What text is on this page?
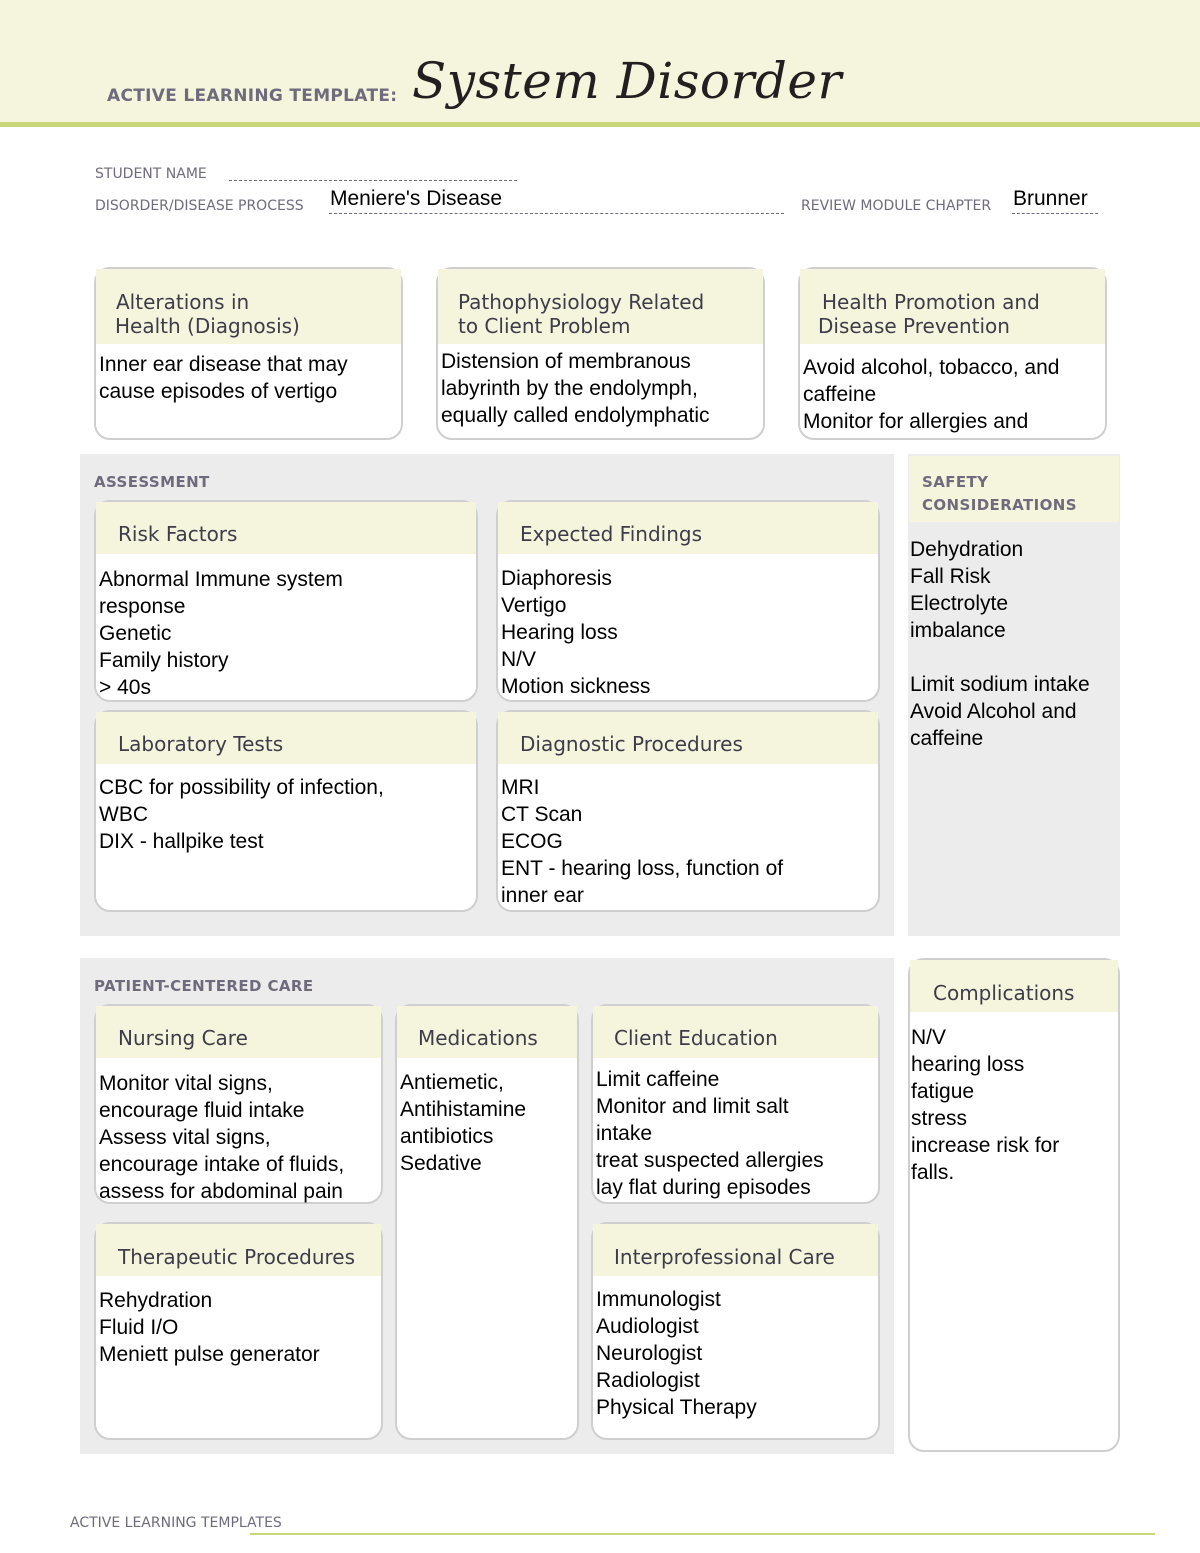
ACTIVE LEARNING TEMPLATE: System Disorder
STUDENT NAME
DISORDER/DISEASE PROCESS Meniere's Disease	REVIEW MODULE CHAPTER Brunner
Alterations in
Health (Diagnosis)
Inner ear disease that may
cause episodes of vertigo
Pathophysiology Related
to Client Problem
Distension of membranous
labyrinth by the endolymph,
equally called endolymphatic
Health Promotion and
Disease Prevention
Avoid alcohol, tobacco, and
caffeine
Monitor for allergies and
ASSESSMENT
Risk Factors
Abnormal Immune system
response
Genetic
Family history
> 40s
Expected Findings
Diaphoresis
Vertigo
Hearing loss
N/V
Motion sickness
Laboratory Tests
CBC for possibility of infection,
WBC
DIX - hallpike test
Diagnostic Procedures
MRI
CT Scan
ECOG
ENT - hearing loss, function of
inner ear
SAFETY
CONSIDERATIONS
Dehydration
Fall Risk
Electrolyte
imbalance
Limit sodium intake
Avoid Alcohol and
caffeine
PATIENT-CENTERED CARE
Nursing Care
Monitor vital signs,
encourage fluid intake
Assess vital signs,
encourage intake of fluids,
assess for abdominal pain
Medications
Antiemetic,
Antihistamine
antibiotics
Sedative
Client Education
Limit caffeine
Monitor and limit salt
intake
treat suspected allergies
lay flat during episodes
Therapeutic Procedures
Rehydration
Fluid I/O
Meniett pulse generator
Interprofessional Care
Immunologist
Audiologist
Neurologist
Radiologist
Physical Therapy
Complications
N/V
hearing loss
fatigue
stress
increase risk for
falls.
ACTIVE LEARNING TEMPLATES
